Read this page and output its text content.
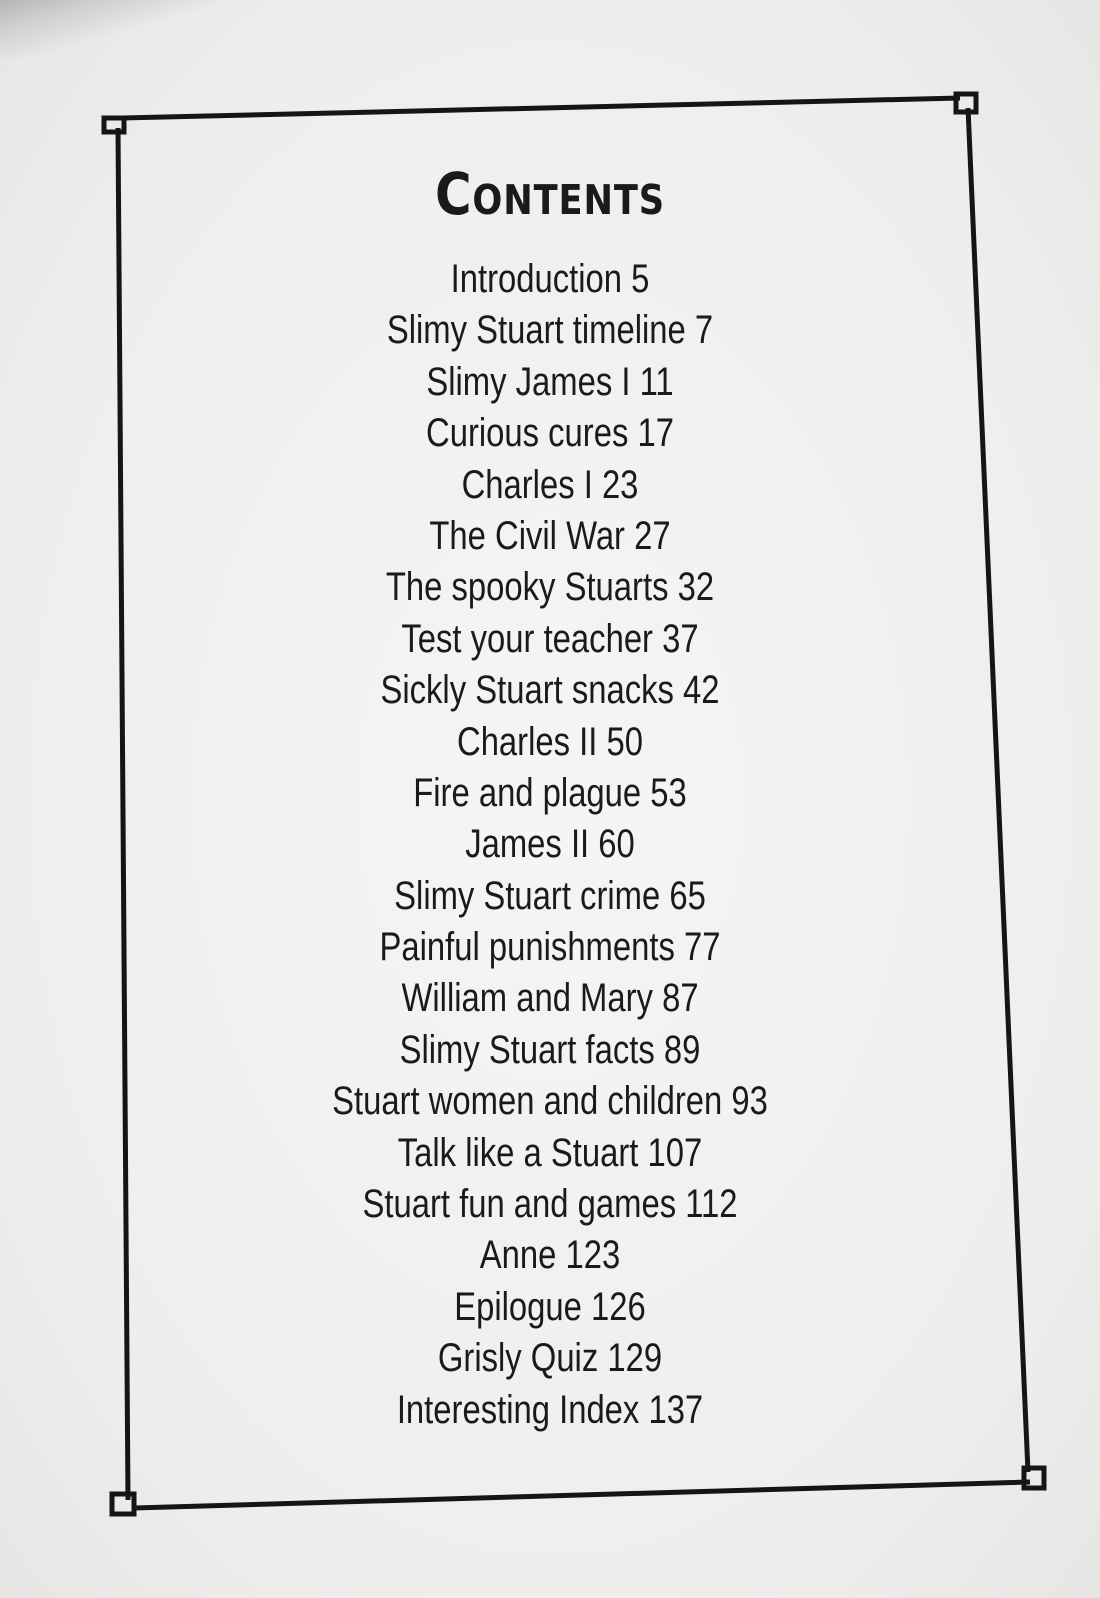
Contents
Introduction 5
Slimy Stuart timeline 7
Slimy James I 11
Curious cures 17
Charles I 23
The Civil War 27
The spooky Stuarts 32
Test your teacher 37
Sickly Stuart snacks 42
Charles II 50
Fire and plague 53
James II 60
Slimy Stuart crime 65
Painful punishments 77
William and Mary 87
Slimy Stuart facts 89
Stuart women and children 93
Talk like a Stuart 107
Stuart fun and games 112
Anne 123
Epilogue 126
Grisly Quiz 129
Interesting Index 137
